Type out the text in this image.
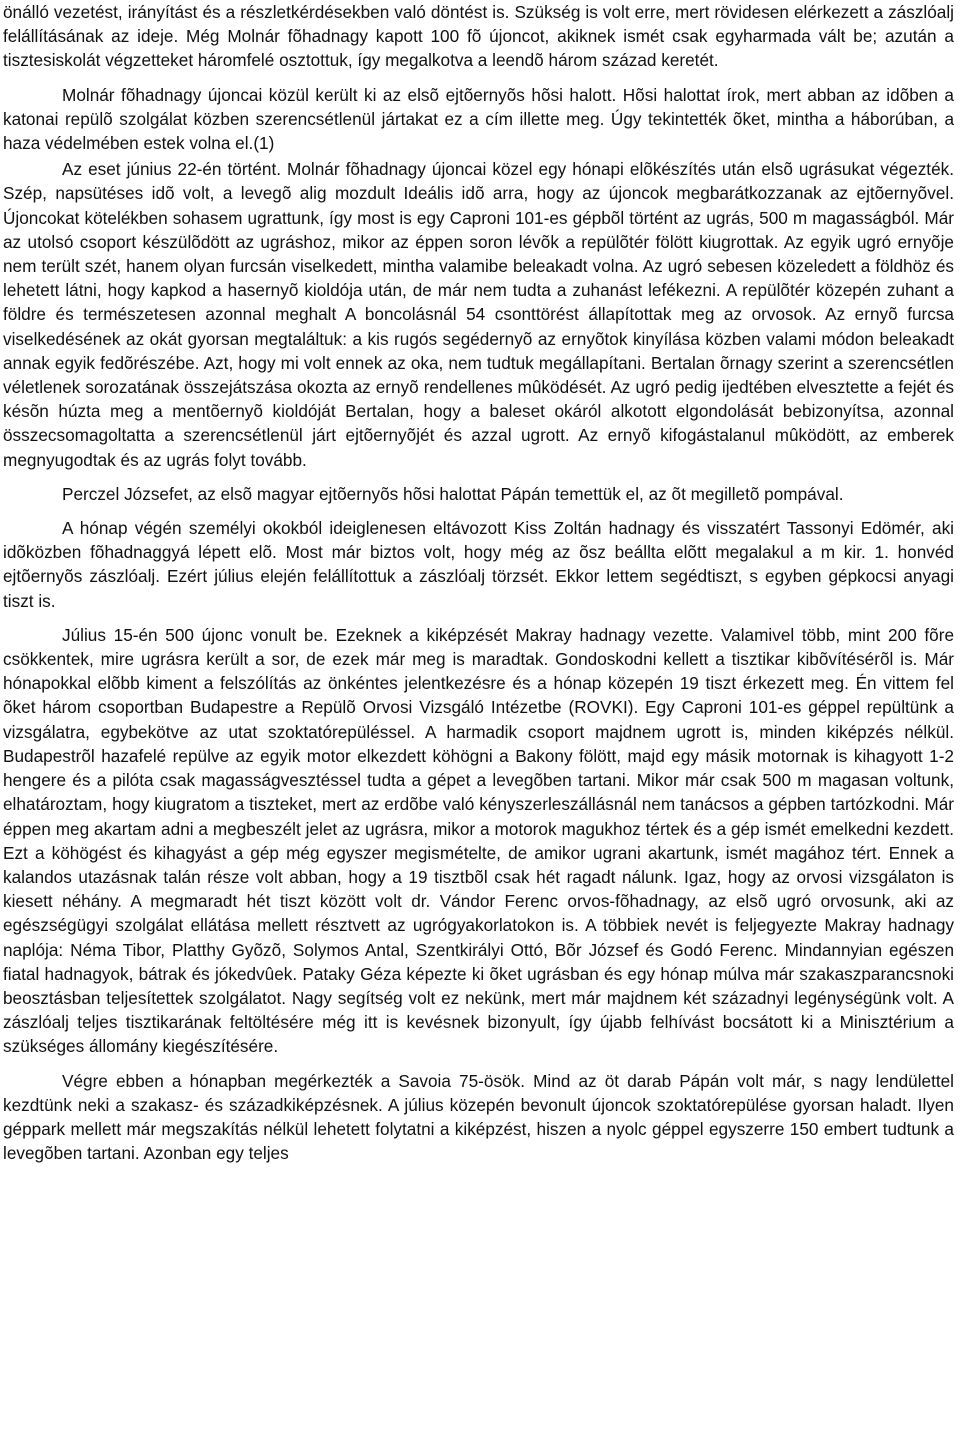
önálló vezetést, irányítást és a részletkérdésekben való döntést is. Szükség is volt erre, mert rövidesen elérkezett a zászlóalj felállításának az ideje. Még Molnár fõhadnagy kapott 100 fõ újoncot, akiknek ismét csak egyharmada vált be; azután a tisztesiskolát végzetteket háromfelé osztottuk, így megalkotva a leendõ három század keretét.

Molnár fõhadnagy újoncai közül került ki az elsõ ejtõernyõs hõsi halott. Hõsi halottat írok, mert abban az idõben a katonai repülõ szolgálat közben szerencsétlenül jártakat ez a cím illette meg. Úgy tekintették õket, mintha a háborúban, a haza védelmében estek volna el.(1)

Az eset június 22-én történt. Molnár fõhadnagy újoncai közel egy hónapi elõkészítés után elsõ ugrásukat végezték. Szép, napsütéses idõ volt, a levegõ alig mozdult Ideális idõ arra, hogy az újoncok megbarátkozzanak az ejtõernyõvel. Újoncokat kötelékben sohasem ugrattunk, így most is egy Caproni 101-es gépbõl történt az ugrás, 500 m magasságból. Már az utolsó csoport készülõdött az ugráshoz, mikor az éppen soron lévõk a repülõtér fölött kiugrottak. Az egyik ugró ernyõje nem terült szét, hanem olyan furcsán viselkedett, mintha valamibe beleakadt volna. Az ugró sebesen közeledett a földhöz és lehetett látni, hogy kapkod a hasernyõ kioldója után, de már nem tudta a zuhanást lefékezni. A repülõtér közepén zuhant a földre és természetesen azonnal meghalt A boncolásnál 54 csonttörést állapítottak meg az orvosok. Az ernyõ furcsa viselkedésének az okát gyorsan megtaláltuk: a kis rugós segédernyõ az ernyõtok kinyílása közben valami módon beleakadt annak egyik fedõrészébe. Azt, hogy mi volt ennek az oka, nem tudtuk megállapítani. Bertalan õrnagy szerint a szerencsétlen véletlenek sorozatának összejátszása okozta az ernyõ rendellenes mûködését. Az ugró pedig ijedtében elvesztette a fejét és késõn húzta meg a mentõernyõ kioldóját Bertalan, hogy a baleset okáról alkotott elgondolását bebizonyítsa, azonnal összecsomagoltatta a szerencsétlenül járt ejtõernyõjét és azzal ugrott. Az ernyõ kifogástalanul mûködött, az emberek megnyugodtak és az ugrás folyt tovább.

Perczel Józsefet, az elsõ magyar ejtõernyõs hõsi halottat Pápán temettük el, az õt megilletõ pompával.

A hónap végén személyi okokból ideiglenesen eltávozott Kiss Zoltán hadnagy és visszatért Tassonyi Edömér, aki idõközben fõhadnaggyá lépett elõ. Most már biztos volt, hogy még az õsz beállta elõtt megalakul a m kir. 1. honvéd ejtõernyõs zászlóalj. Ezért július elején felállítottuk a zászlóalj törzsét. Ekkor lettem segédtiszt, s egyben gépkocsi anyagi tiszt is.

Július 15-én 500 újonc vonult be. Ezeknek a kiképzését Makray hadnagy vezette. Valamivel több, mint 200 fõre csökkentek, mire ugrásra került a sor, de ezek már meg is maradtak. Gondoskodni kellett a tisztikar kibõvítésérõl is. Már hónapokkal elõbb kiment a felszólítás az önkéntes jelentkezésre és a hónap közepén 19 tiszt érkezett meg. Én vittem fel õket három csoportban Budapestre a Repülõ Orvosi Vizsgáló Intézetbe (ROVKI). Egy Caproni 101-es géppel repültünk a vizsgálatra, egybekötve az utat szoktatórepüléssel. A harmadik csoport majdnem ugrott is, minden kiképzés nélkül. Budapestrõl hazafelé repülve az egyik motor elkezdett köhögni a Bakony fölött, majd egy másik motornak is kihagyott 1-2 hengere és a pilóta csak magasságvesztéssel tudta a gépet a levegõben tartani. Mikor már csak 500 m magasan voltunk, elhatároztam, hogy kiugratom a tiszteket, mert az erdõbe való kényszerleszállásnál nem tanácsos a gépben tartózkodni. Már éppen meg akartam adni a megbeszélt jelet az ugrásra, mikor a motorok magukhoz tértek és a gép ismét emelkedni kezdett. Ezt a köhögést és kihagyást a gép még egyszer megismételte, de amikor ugrani akartunk, ismét magához tért. Ennek a kalandos utazásnak talán része volt abban, hogy a 19 tisztbõl csak hét ragadt nálunk. Igaz, hogy az orvosi vizsgálaton is kiesett néhány. A megmaradt hét tiszt között volt dr. Vándor Ferenc orvos-fõhadnagy, az elsõ ugró orvosunk, aki az egészségügyi szolgálat ellátása mellett résztvett az ugrógyakorlatokon is. A többiek nevét is feljegyezte Makray hadnagy naplója: Néma Tibor, Platthy Gyõzõ, Solymos Antal, Szentkirályi Ottó, Bõr József és Godó Ferenc. Mindannyian egészen fiatal hadnagyok, bátrak és jókedvûek. Pataky Géza képezte ki õket ugrásban és egy hónap múlva már szakaszparancsnoki beosztásban teljesítettek szolgálatot. Nagy segítség volt ez nekünk, mert már majdnem két századnyi legénységünk volt. A zászlóalj teljes tisztikarának feltöltésére még itt is kevésnek bizonyult, így újabb felhívást bocsátott ki a Minisztérium a szükséges állomány kiegészítésére.

Végre ebben a hónapban megérkezték a Savoia 75-ösök. Mind az öt darab Pápán volt már, s nagy lendülettel kezdtünk neki a szakasz- és századkiképzésnek. A július közepén bevonult újoncok szoktatórepülése gyorsan haladt. Ilyen géppark mellett már megszakítás nélkül lehetett folytatni a kiképzést, hiszen a nyolc géppel egyszerre 150 embert tudtunk a levegõben tartani. Azonban egy teljes
